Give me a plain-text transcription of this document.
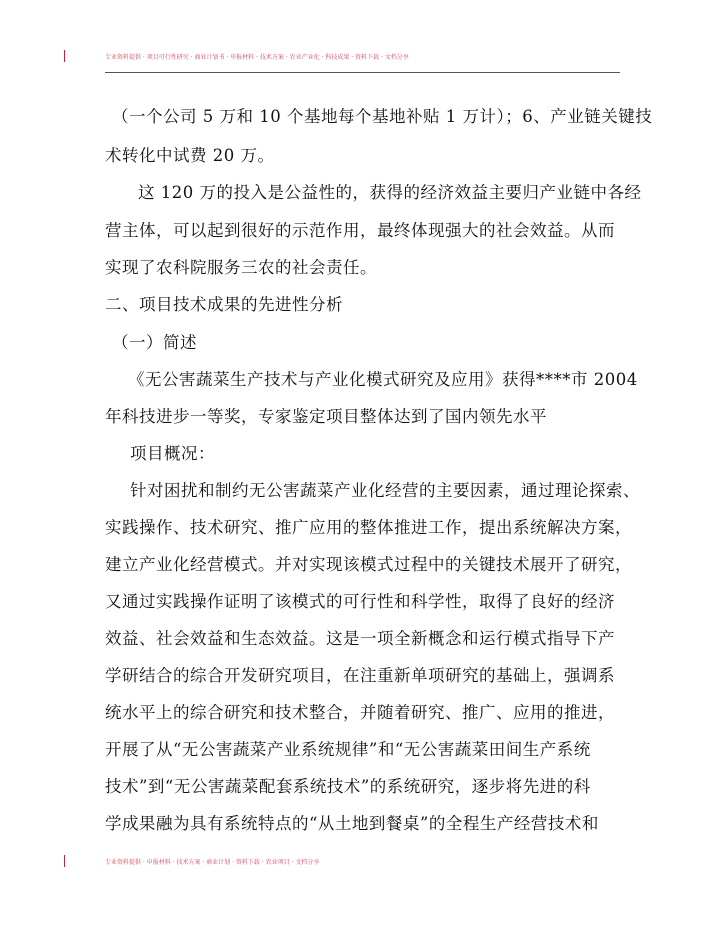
专业资料提供 · 项目可行性研究 · 商业计划书 · 申报材料 · 技术方案 · 农业产业化 · 科技成果 · 资料下载 · 文档分享
（一个公司 5 万和 10 个基地每个基地补贴 1 万计）；6、产业链关键技
术转化中试费 20 万。
这 120 万的投入是公益性的，获得的经济效益主要归产业链中各经
营主体，可以起到很好的示范作用，最终体现强大的社会效益。从而
实现了农科院服务三农的社会责任。
二、项目技术成果的先进性分析
（一）简述
《无公害蔬菜生产技术与产业化模式研究及应用》获得****市 2004
年科技进步一等奖，专家鉴定项目整体达到了国内领先水平
项目概况：
针对困扰和制约无公害蔬菜产业化经营的主要因素，通过理论探索、
实践操作、技术研究、推广应用的整体推进工作，提出系统解决方案，
建立产业化经营模式。并对实现该模式过程中的关键技术展开了研究，
又通过实践操作证明了该模式的可行性和科学性，取得了良好的经济
效益、社会效益和生态效益。这是一项全新概念和运行模式指导下产
学研结合的综合开发研究项目，在注重新单项研究的基础上，强调系
统水平上的综合研究和技术整合，并随着研究、推广、应用的推进，
开展了从“无公害蔬菜产业系统规律”和“无公害蔬菜田间生产系统
技术”到“无公害蔬菜配套系统技术”的系统研究，逐步将先进的科
学成果融为具有系统特点的“从土地到餐桌”的全程生产经营技术和
专业资料提供 · 申报材料 · 技术方案 · 商业计划 · 资料下载 · 农业项目 · 文档分享
